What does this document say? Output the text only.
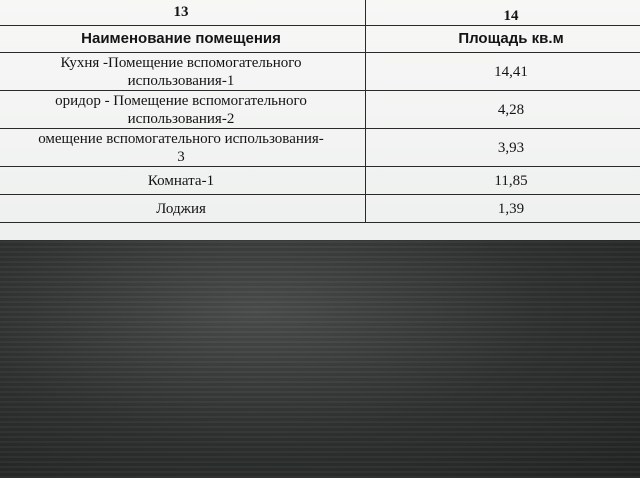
13	14
Наименование помещения	Площадь кв.м

Кухня -Помещение вспомогательного
использования-1	14,41

оридор - Помещение вспомогательного
использования-2	4,28

омещение вспомогательного использования-
3	3,93
Комната-1	11,85
Лоджия	1,39
